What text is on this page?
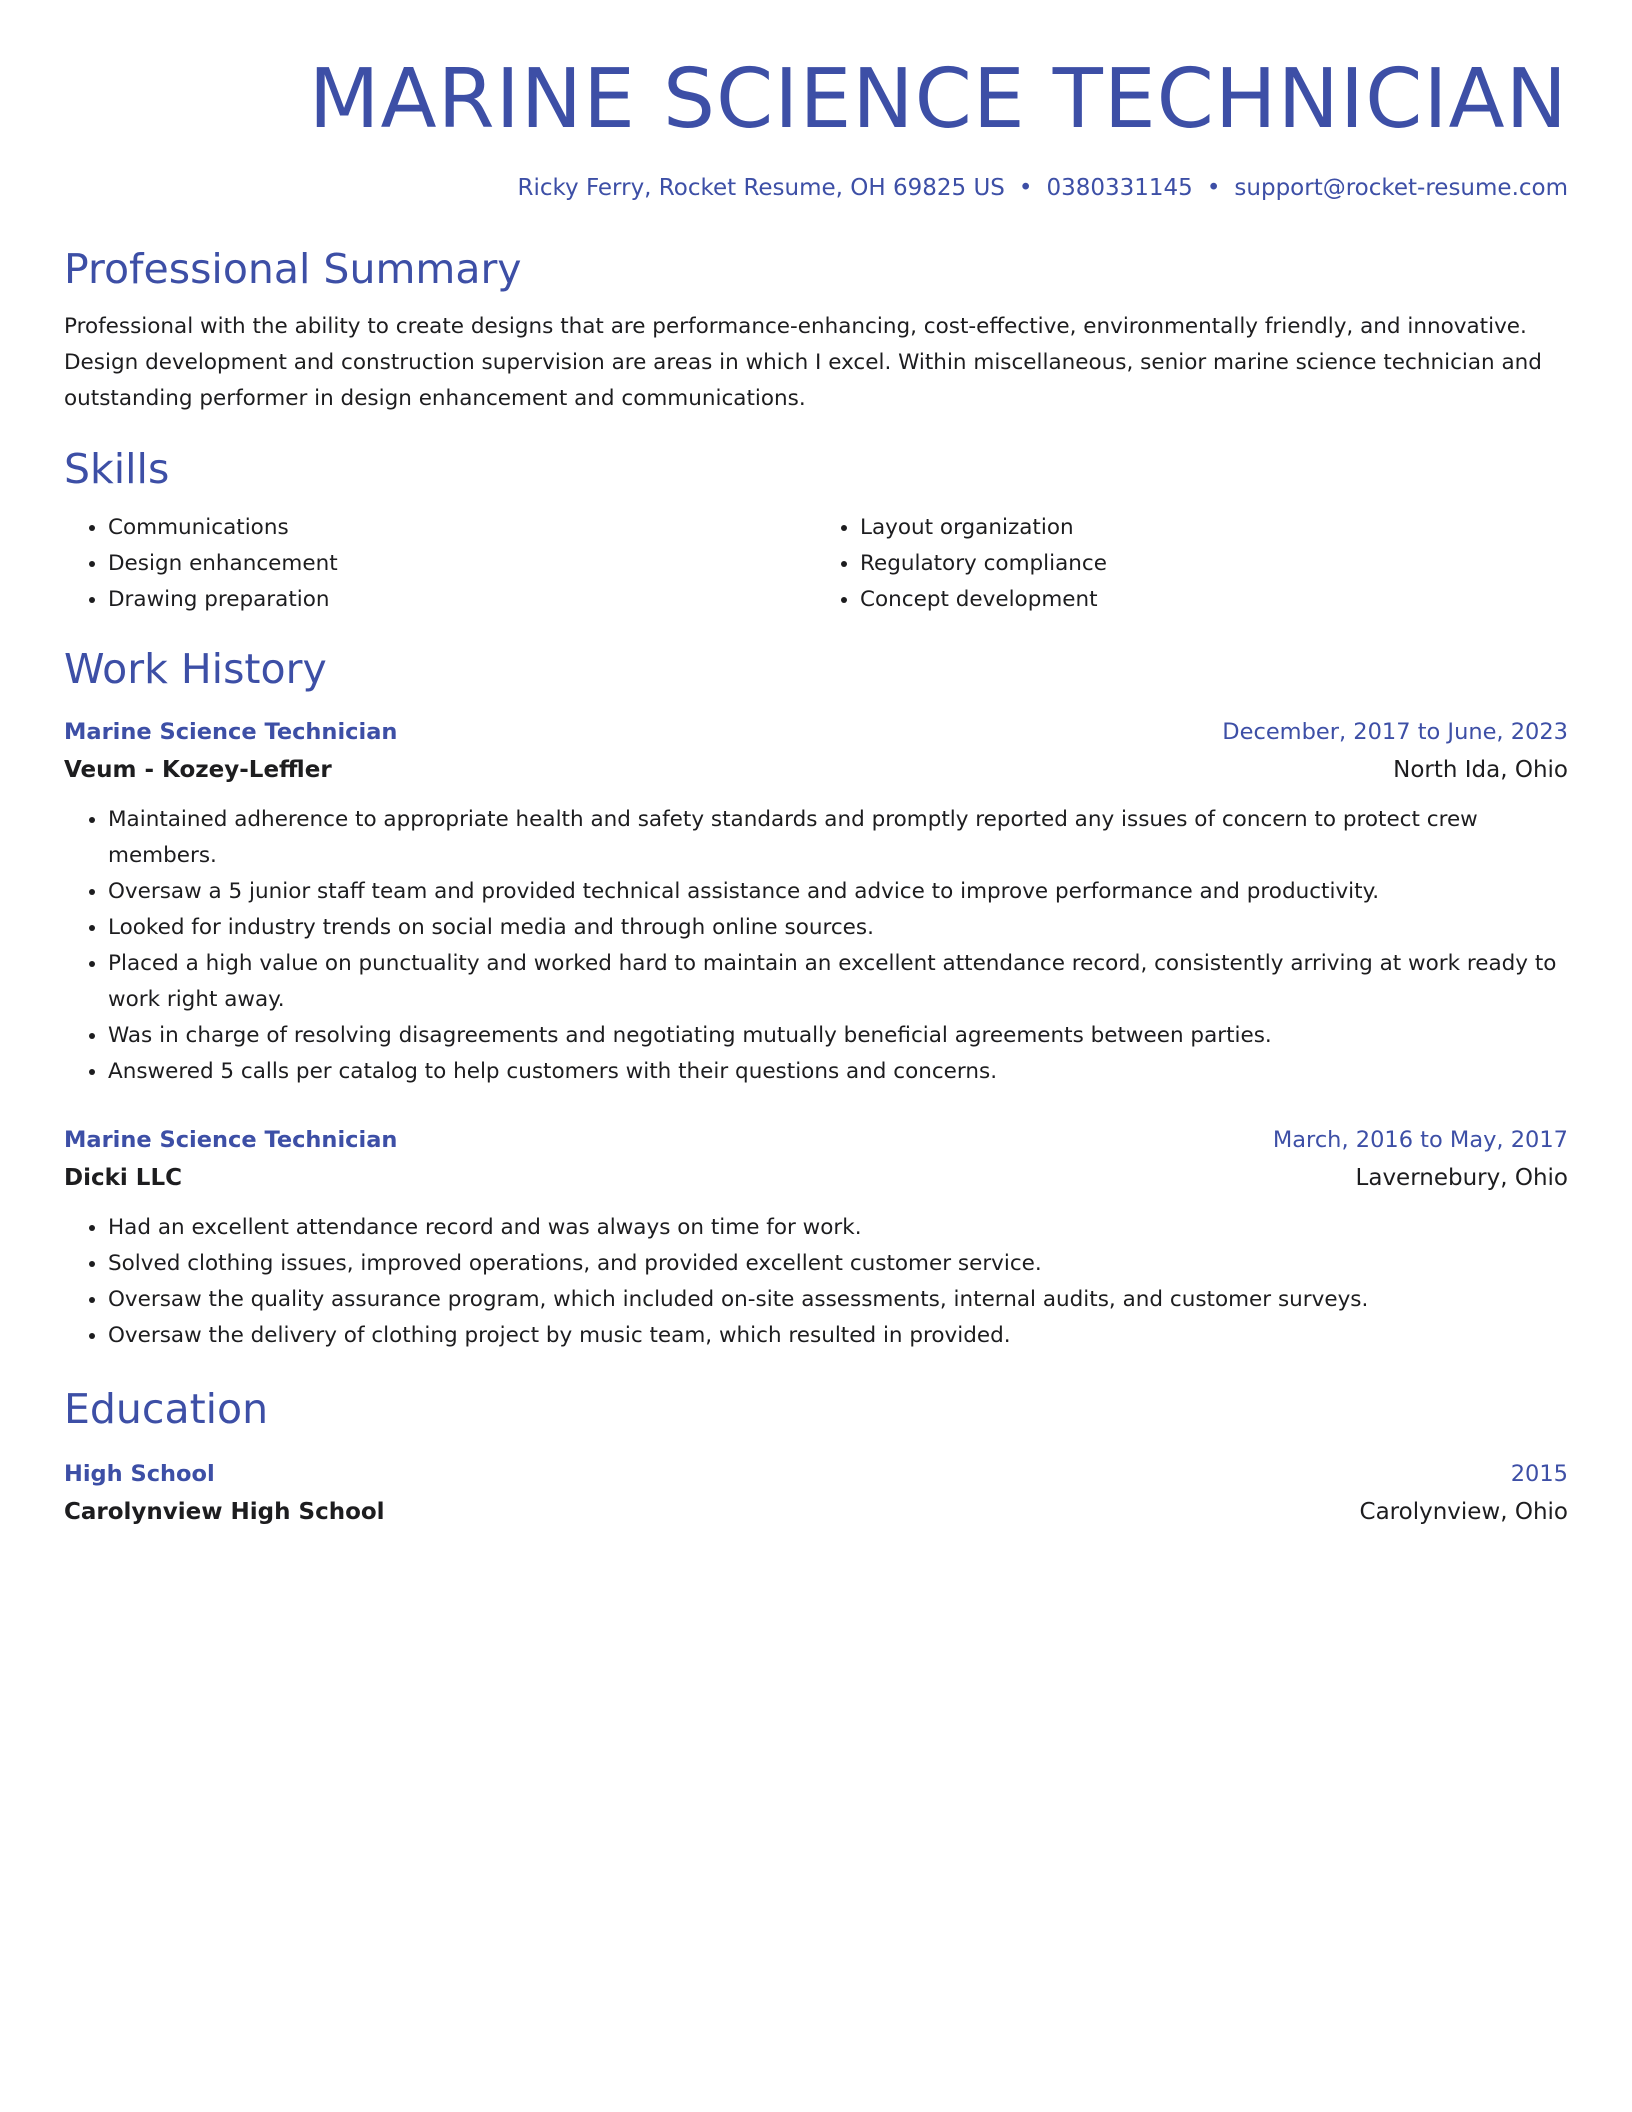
MARINE SCIENCE TECHNICIAN
Ricky Ferry, Rocket Resume, OH 69825 US • 0380331145 • support@rocket-resume.com
Professional Summary

Professional with the ability to create designs that are performance-enhancing, cost-effective, environmentally friendly, and innovative. Design development and construction supervision are areas in which I excel. Within miscellaneous, senior marine science technician and outstanding performer in design enhancement and communications.

Skills
• Communications
• Design enhancement
• Drawing preparation
• Layout organization
• Regulatory compliance
• Concept development
Work History
Marine Science Technician	December, 2017 to June, 2023
Veum - Kozey-Leffler	North Ida, Ohio
• Maintained adherence to appropriate health and safety standards and promptly reported any issues of concern to protect crew members.
• Oversaw a 5 junior staff team and provided technical assistance and advice to improve performance and productivity.
• Looked for industry trends on social media and through online sources.
• Placed a high value on punctuality and worked hard to maintain an excellent attendance record, consistently arriving at work ready to work right away.
• Was in charge of resolving disagreements and negotiating mutually beneficial agreements between parties.
• Answered 5 calls per catalog to help customers with their questions and concerns.
Marine Science Technician	March, 2016 to May, 2017
Dicki LLC	Lavernebury, Ohio
• Had an excellent attendance record and was always on time for work.
• Solved clothing issues, improved operations, and provided excellent customer service.
• Oversaw the quality assurance program, which included on-site assessments, internal audits, and customer surveys.
• Oversaw the delivery of clothing project by music team, which resulted in provided.
Education
High School	2015
Carolynview High School	Carolynview, Ohio
